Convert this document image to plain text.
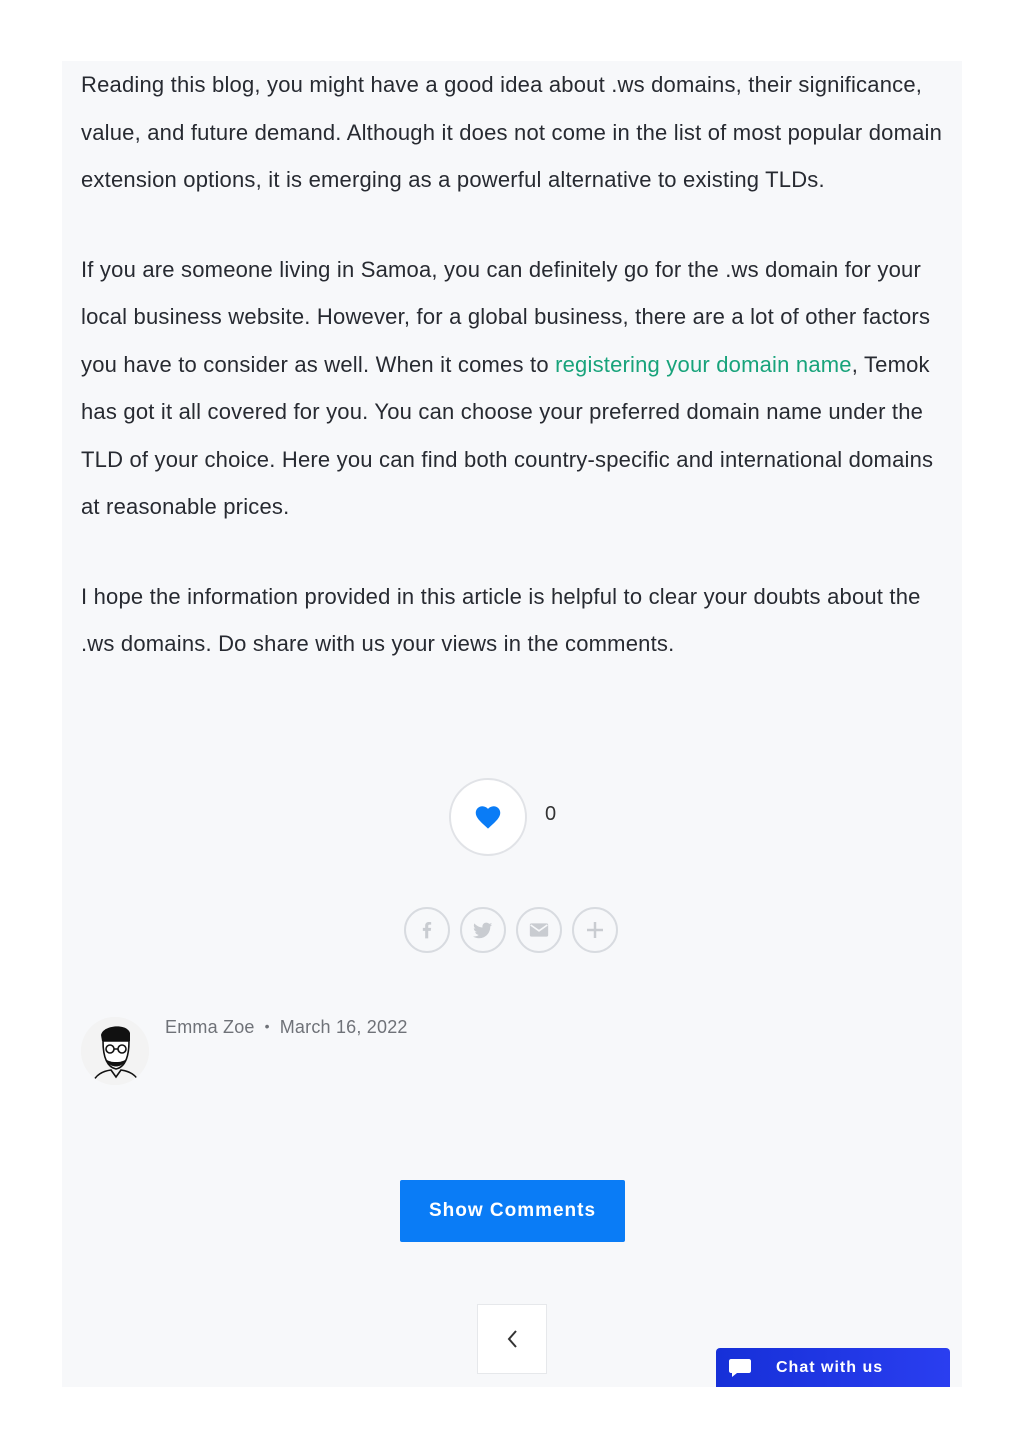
Reading this blog, you might have a good idea about .ws domains, their significance, value, and future demand. Although it does not come in the list of most popular domain extension options, it is emerging as a powerful alternative to existing TLDs.

If you are someone living in Samoa, you can definitely go for the .ws domain for your local business website. However, for a global business, there are a lot of other factors you have to consider as well. When it comes to registering your domain name, Temok has got it all covered for you. You can choose your preferred domain name under the TLD of your choice. Here you can find both country-specific and international domains at reasonable prices.

I hope the information provided in this article is helpful to clear your doubts about the .ws domains. Do share with us your views in the comments.

0
Emma Zoe • March 16, 2022
Show Comments
Chat with us
